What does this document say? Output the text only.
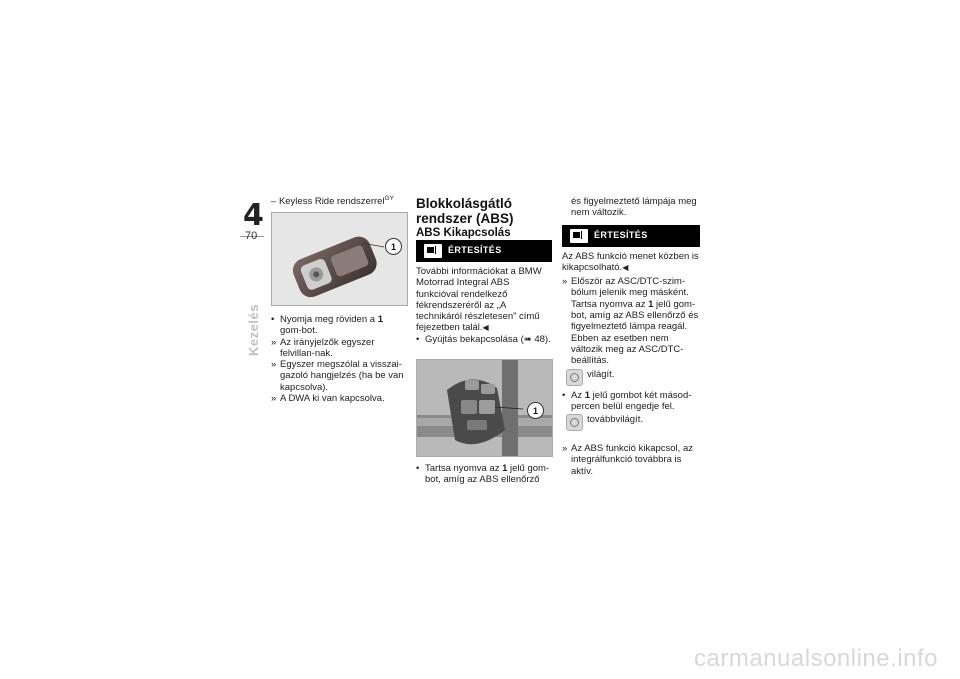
4
70
Kezelés

– Keyless Ride rendszerrel$^{GY}$

1

• Nyomja meg röviden a 1 gom-bot.

» Az irányjelzők egyszer felvillan-nak.

» Egyszer megszólal a visszai-gazoló hangjelzés (ha be van kapcsolva).

» A DWA ki van kapcsolva.

Blokkolásgátló rendszer (ABS)

ABS Kikapcsolás

ÉRTESÍTÉS

További információkat a BMW Motorrad Integral ABS funkcióval rendelkező fékrendszeréről az „A technikáról részletesen” című fejezetben talál.◀

• Gyújtás bekapcsolása (➠ 48).

1

• Tartsa nyomva az 1 jelű gom-bot, amíg az ABS ellenőrző

és figyelmeztető lámpája meg nem változik.

ÉRTESÍTÉS

Az ABS funkció menet közben is kikapcsolható.◀

» Először az ASC/DTC-szim-bólum jelenik meg másként. Tartsa nyomva az 1 jelű gom-bot, amíg az ABS ellenőrző és figyelmeztető lámpa reagál. Ebben az esetben nem változik meg az ASC/DTC-beállítás.

világít.

• Az 1 jelű gombot két másod-percen belül engedje fel.

továbbvilágít.

» Az ABS funkció kikapcsol, az integrálfunkció továbbra is aktív.

carmanualsonline.info
